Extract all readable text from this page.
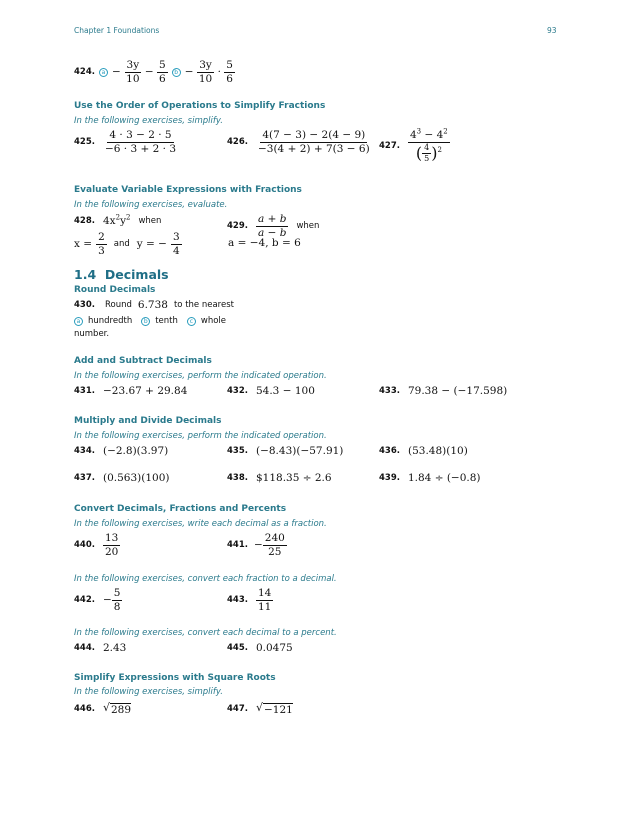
Chapter 1 Foundations	93
424.	$a - \frac{3y}{10} - \frac{5}{6}$	$b - \frac{3y}{10} \cdot \frac{5}{6}$
Use the Order of Operations to Simplify Fractions
In the following exercises, simplify.
425. $\frac{4 \cdot 3 - 2 \cdot 5}{-6 \cdot 3 + 2 \cdot 3}$	426. $\frac{4(7 - 3) - 2(4 - 9)}{-3(4 + 2) + 7(3 - 6)} 427$. $\frac{4^3 - 4^2}{( \frac{4}{5} )^2}$
Evaluate Variable Expressions with Fractions
In the following exercises, evaluate.
428. $4x^2y^2$ when
$x = \frac{2}{3}$ and y = − $\frac{3}{4}$
429. $\frac{a + b}{a - b}$ when
a = −4, b = 6
1.4 Decimals
Round Decimals
430. Round 6.738 to the nearest
a hundredth	b tenth	c whole
number.
Add and Subtract Decimals
In the following exercises, perform the indicated operation.
431. −23.67 + 29.84	432. 54.3 − 100	433. 79.38 − (−17.598)
Multiply and Divide Decimals
In the following exercises, perform the indicated operation.
434. (−2.8)(3.97)	435. (−8.43)(−57.91)	436. (53.48)(10)
437. (0.563)(100)	438. $118.35 ÷ 2.6	439. 1.84 ÷ (−0.8)
Convert Decimals, Fractions and Percents
In the following exercises, write each decimal as a fraction.
440. $\frac{13}{20}$	441. − $\frac{240}{25}$
In the following exercises, convert each fraction to a decimal.
442. − $\frac{5}{8}$	443. $\frac{14}{11}$
In the following exercises, convert each decimal to a percent.
444. 2.43	445. 0.0475
Simplify Expressions with Square Roots
In the following exercises, simplify.
446. √ 289	447. √ −121
